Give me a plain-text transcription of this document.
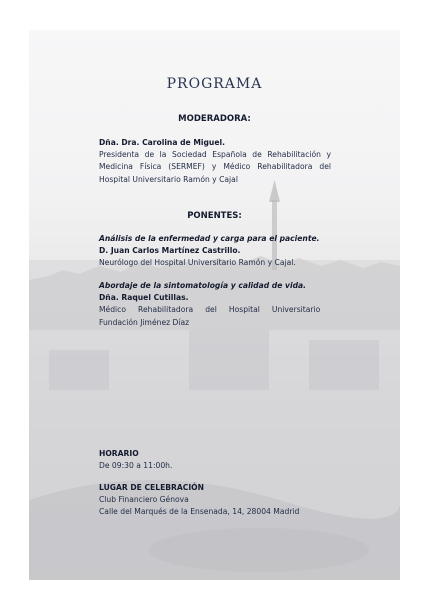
PROGRAMA
MODERADORA:
Dña. Dra. Carolina de Miguel.
Presidenta de la Sociedad Española de Rehabilitación y
Medicina Física (SERMEF) y Médico Rehabilitadora del
Hospital Universitario Ramón y Cajal
PONENTES:
Análisis de la enfermedad y carga para el paciente.
D. Juan Carlos Martínez Castrillo.
Neurólogo del Hospital Universitario Ramón y Cajal.
Abordaje de la sintomatología y calidad de vida.
Dña. Raquel Cutillas.
Médico     Rehabilitadora     del     Hospital     Universitario
Fundación Jiménez Díaz
HORARIO
De 09:30 a 11:00h.
LUGAR DE CELEBRACIÓN
Club Financiero Génova
Calle del Marqués de la Ensenada, 14, 28004 Madrid
